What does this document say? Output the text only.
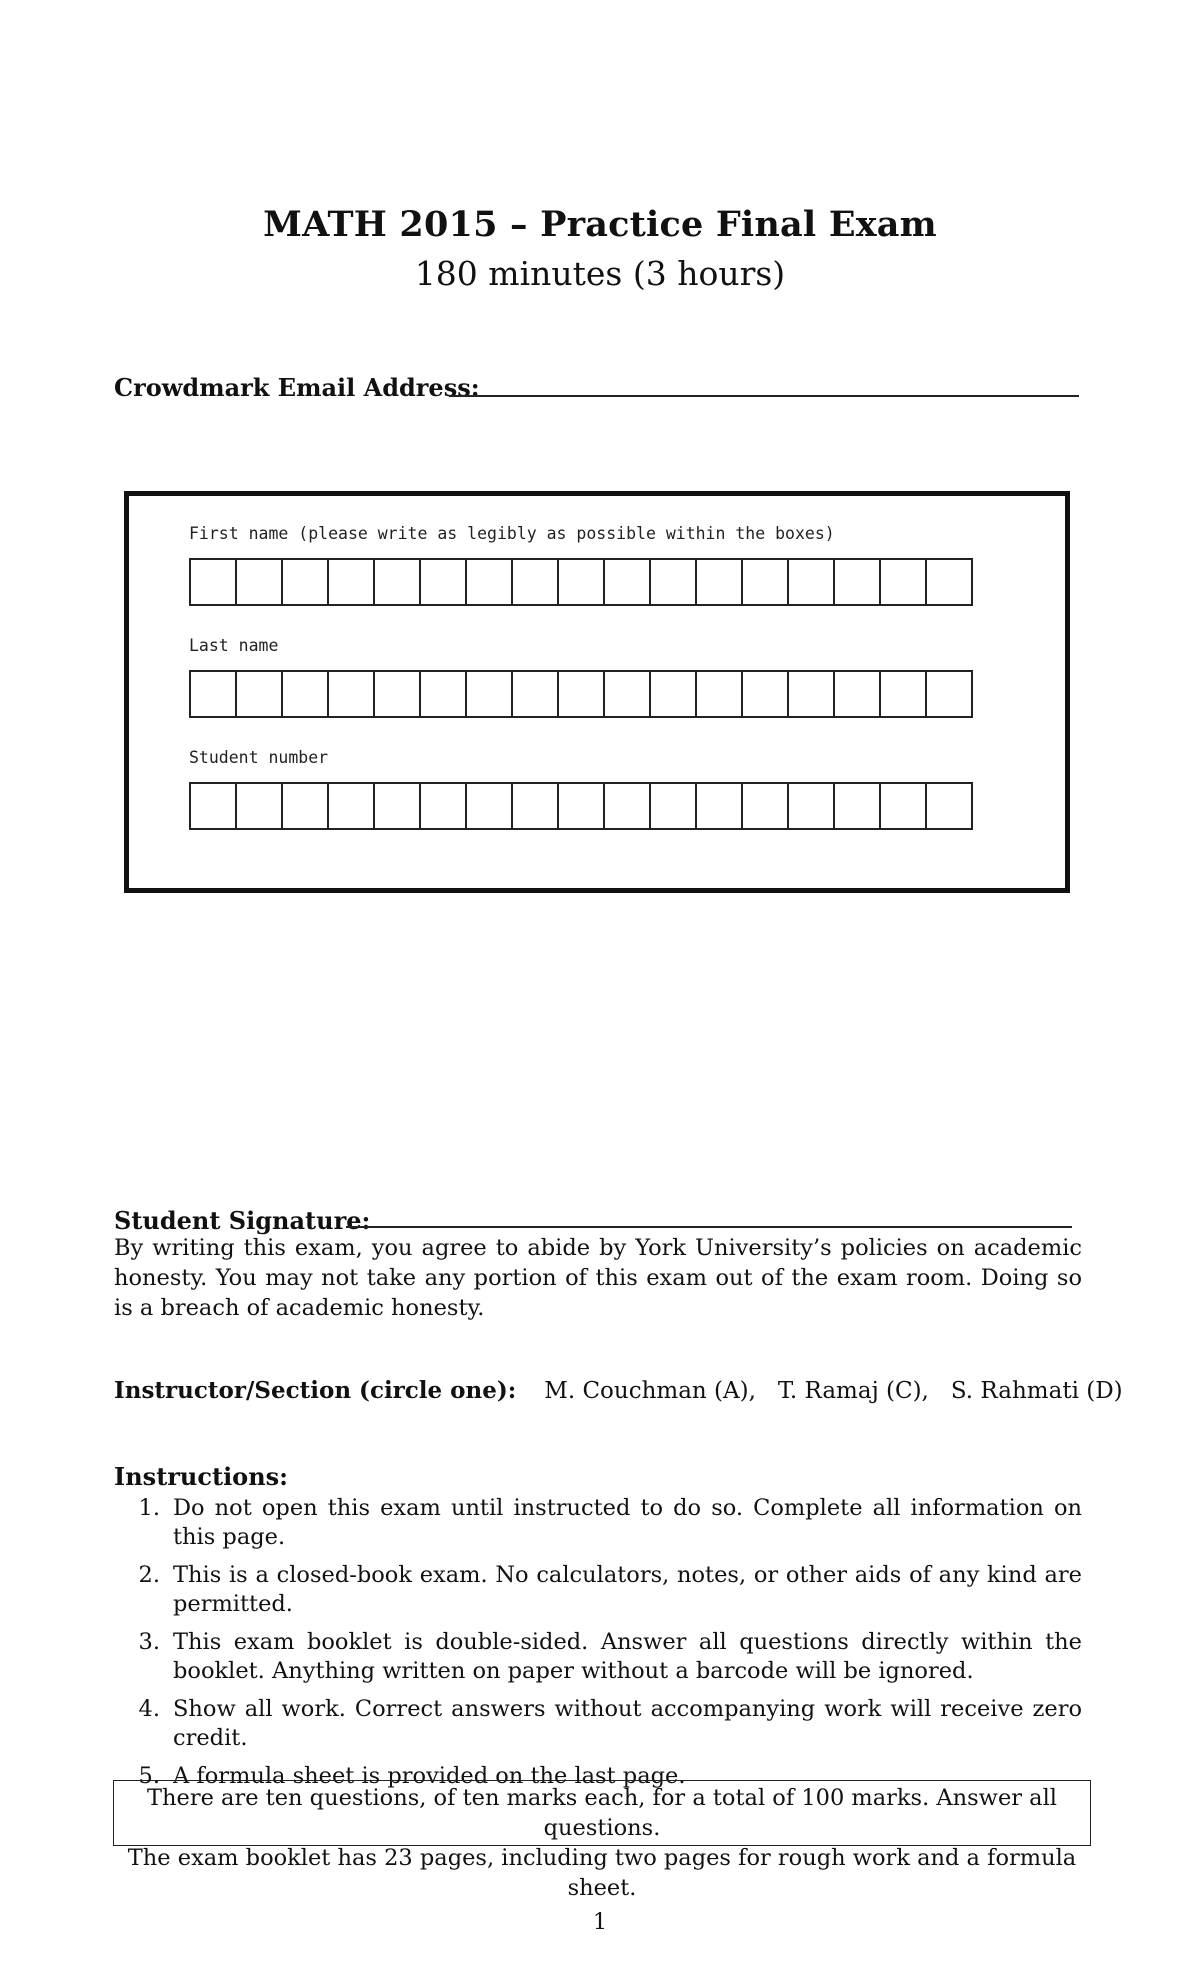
MATH 2015 – Practice Final Exam
180 minutes (3 hours)
Crowdmark Email Address:
First name (please write as legibly as possible within the boxes)
Last name
Student number
Student Signature:
By writing this exam, you agree to abide by York University’s policies on academic honesty. You may not take any portion of this exam out of the exam room. Doing so is a breach of academic honesty.
Instructor/Section (circle one): M. Couchman (A), T. Ramaj (C), S. Rahmati (D)
Instructions:
1. Do not open this exam until instructed to do so. Complete all information on this page.
2. This is a closed-book exam. No calculators, notes, or other aids of any kind are permitted.
3. This exam booklet is double-sided. Answer all questions directly within the booklet. Anything written on paper without a barcode will be ignored.
4. Show all work. Correct answers without accompanying work will receive zero credit.
5. A formula sheet is provided on the last page.
There are ten questions, of ten marks each, for a total of 100 marks. Answer all questions.
The exam booklet has 23 pages, including two pages for rough work and a formula sheet.
1
